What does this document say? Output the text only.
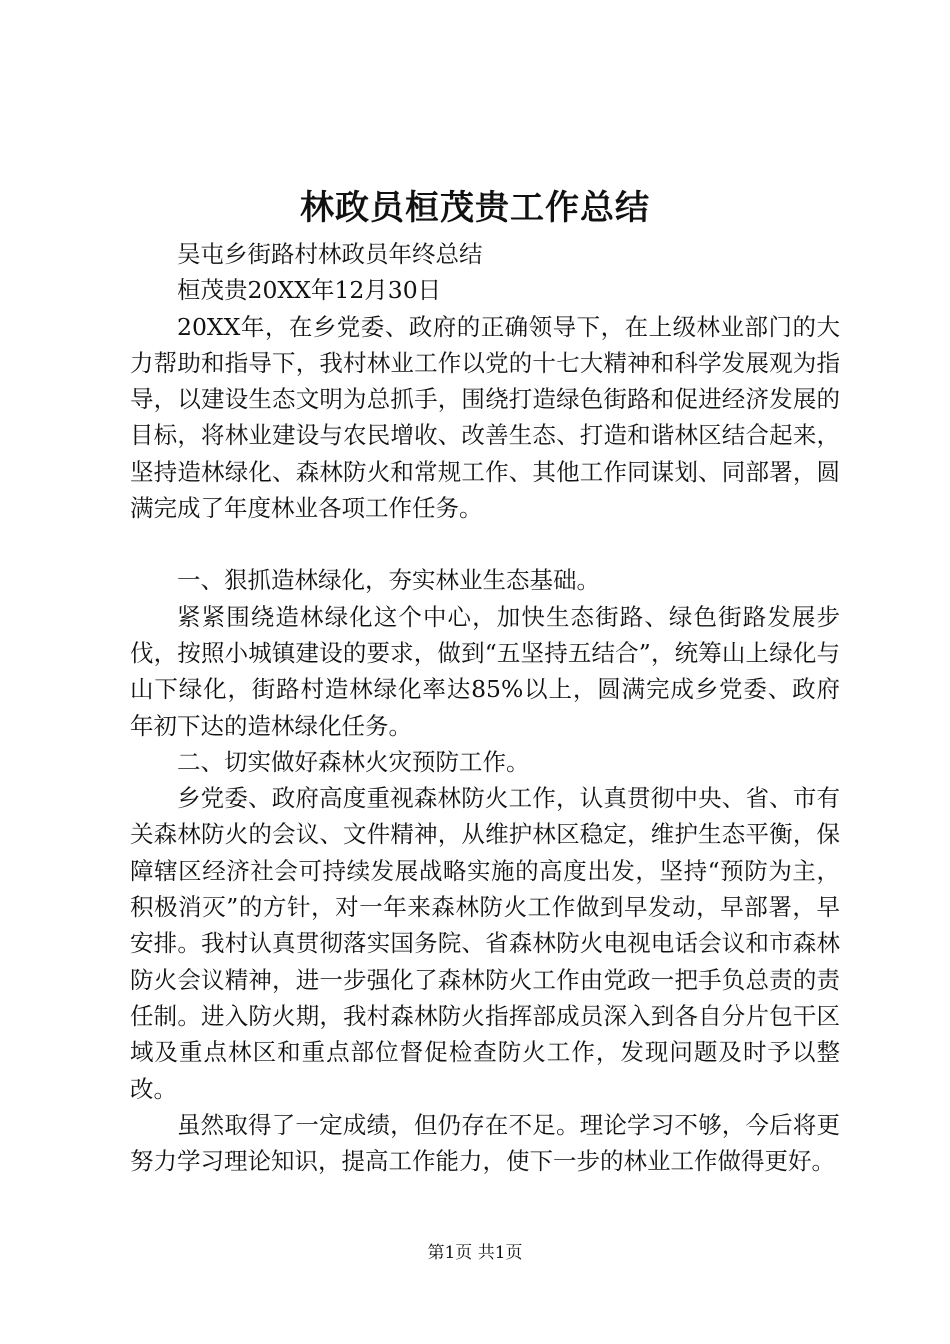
林政员桓茂贵工作总结

吴屯乡街路村林政员年终总结

桓茂贵20XX年12月30日

20XX年，在乡党委、政府的正确领导下，在上级林业部门的大力帮助和指导下，我村林业工作以党的十七大精神和科学发展观为指导，以建设生态文明为总抓手，围绕打造绿色街路和促进经济发展的目标，将林业建设与农民增收、改善生态、打造和谐林区结合起来，坚持造林绿化、森林防火和常规工作、其他工作同谋划、同部署，圆满完成了年度林业各项工作任务。

一、狠抓造林绿化，夯实林业生态基础。

紧紧围绕造林绿化这个中心，加快生态街路、绿色街路发展步伐，按照小城镇建设的要求，做到“五坚持五结合”，统筹山上绿化与山下绿化，街路村造林绿化率达85%以上，圆满完成乡党委、政府年初下达的造林绿化任务。

二、切实做好森林火灾预防工作。

乡党委、政府高度重视森林防火工作，认真贯彻中央、省、市有关森林防火的会议、文件精神，从维护林区稳定，维护生态平衡，保障辖区经济社会可持续发展战略实施的高度出发，坚持“预防为主，积极消灭”的方针，对一年来森林防火工作做到早发动，早部署，早安排。我村认真贯彻落实国务院、省森林防火电视电话会议和市森林防火会议精神，进一步强化了森林防火工作由党政一把手负总责的责任制。进入防火期，我村森林防火指挥部成员深入到各自分片包干区域及重点林区和重点部位督促检查防火工作，发现问题及时予以整改。

虽然取得了一定成绩，但仍存在不足。理论学习不够，今后将更努力学习理论知识，提高工作能力，使下一步的林业工作做得更好。

第1页 共1页
